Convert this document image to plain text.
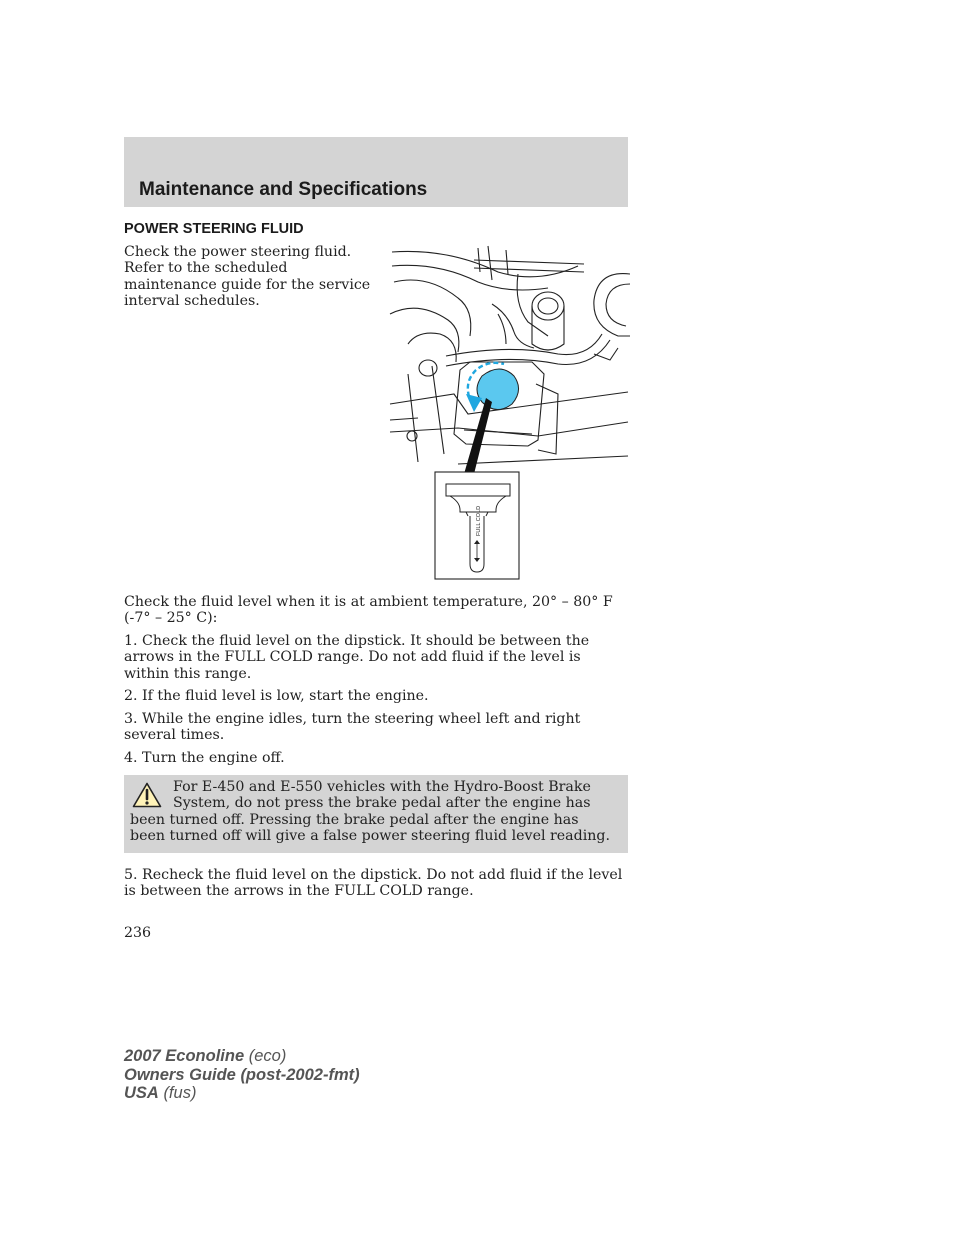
Maintenance and Specifications
POWER STEERING FLUID

Check the power steering fluid. Refer to the scheduled maintenance guide for the service interval schedules.

FULL COLD

Check the fluid level when it is at ambient temperature, 20° – 80° F (-7° – 25° C):

1. Check the fluid level on the dipstick. It should be between the arrows in the FULL COLD range. Do not add fluid if the level is within this range.

2. If the fluid level is low, start the engine.

3. While the engine idles, turn the steering wheel left and right several times.

4. Turn the engine off.

For E-450 and E-550 vehicles with the Hydro-Boost Brake System, do not press the brake pedal after the engine has been turned off. Pressing the brake pedal after the engine has been turned off will give a false power steering fluid level reading.

5. Recheck the fluid level on the dipstick. Do not add fluid if the level is between the arrows in the FULL COLD range.

236

2007 Econoline (eco)
Owners Guide (post-2002-fmt)
USA (fus)
